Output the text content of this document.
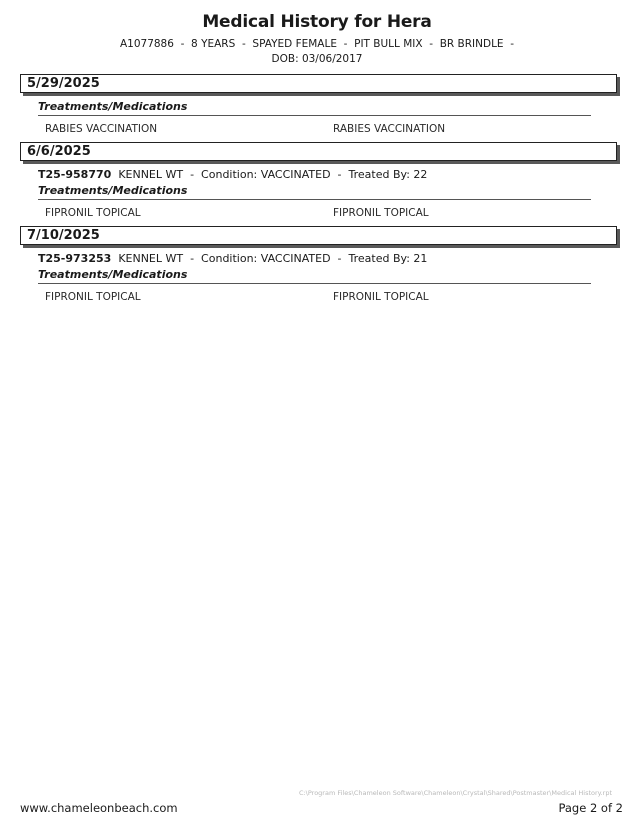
Medical History for Hera
A1077886  -  8 YEARS  -  SPAYED FEMALE  -  PIT BULL MIX  -  BR BRINDLE  -
DOB: 03/06/2017
5/29/2025
Treatments/Medications
RABIES VACCINATION	RABIES VACCINATION
6/6/2025
T25-958770 KENNEL WT  -  Condition: VACCINATED  -  Treated By: 22
Treatments/Medications
FIPRONIL TOPICAL	FIPRONIL TOPICAL
7/10/2025
T25-973253 KENNEL WT  -  Condition: VACCINATED  -  Treated By: 21
Treatments/Medications
FIPRONIL TOPICAL	FIPRONIL TOPICAL
C:\Program Files\Chameleon Software\Chameleon\Crystal\Shared\Postmaster\Medical History.rpt
www.chameleonbeach.com	Page 2 of 2
